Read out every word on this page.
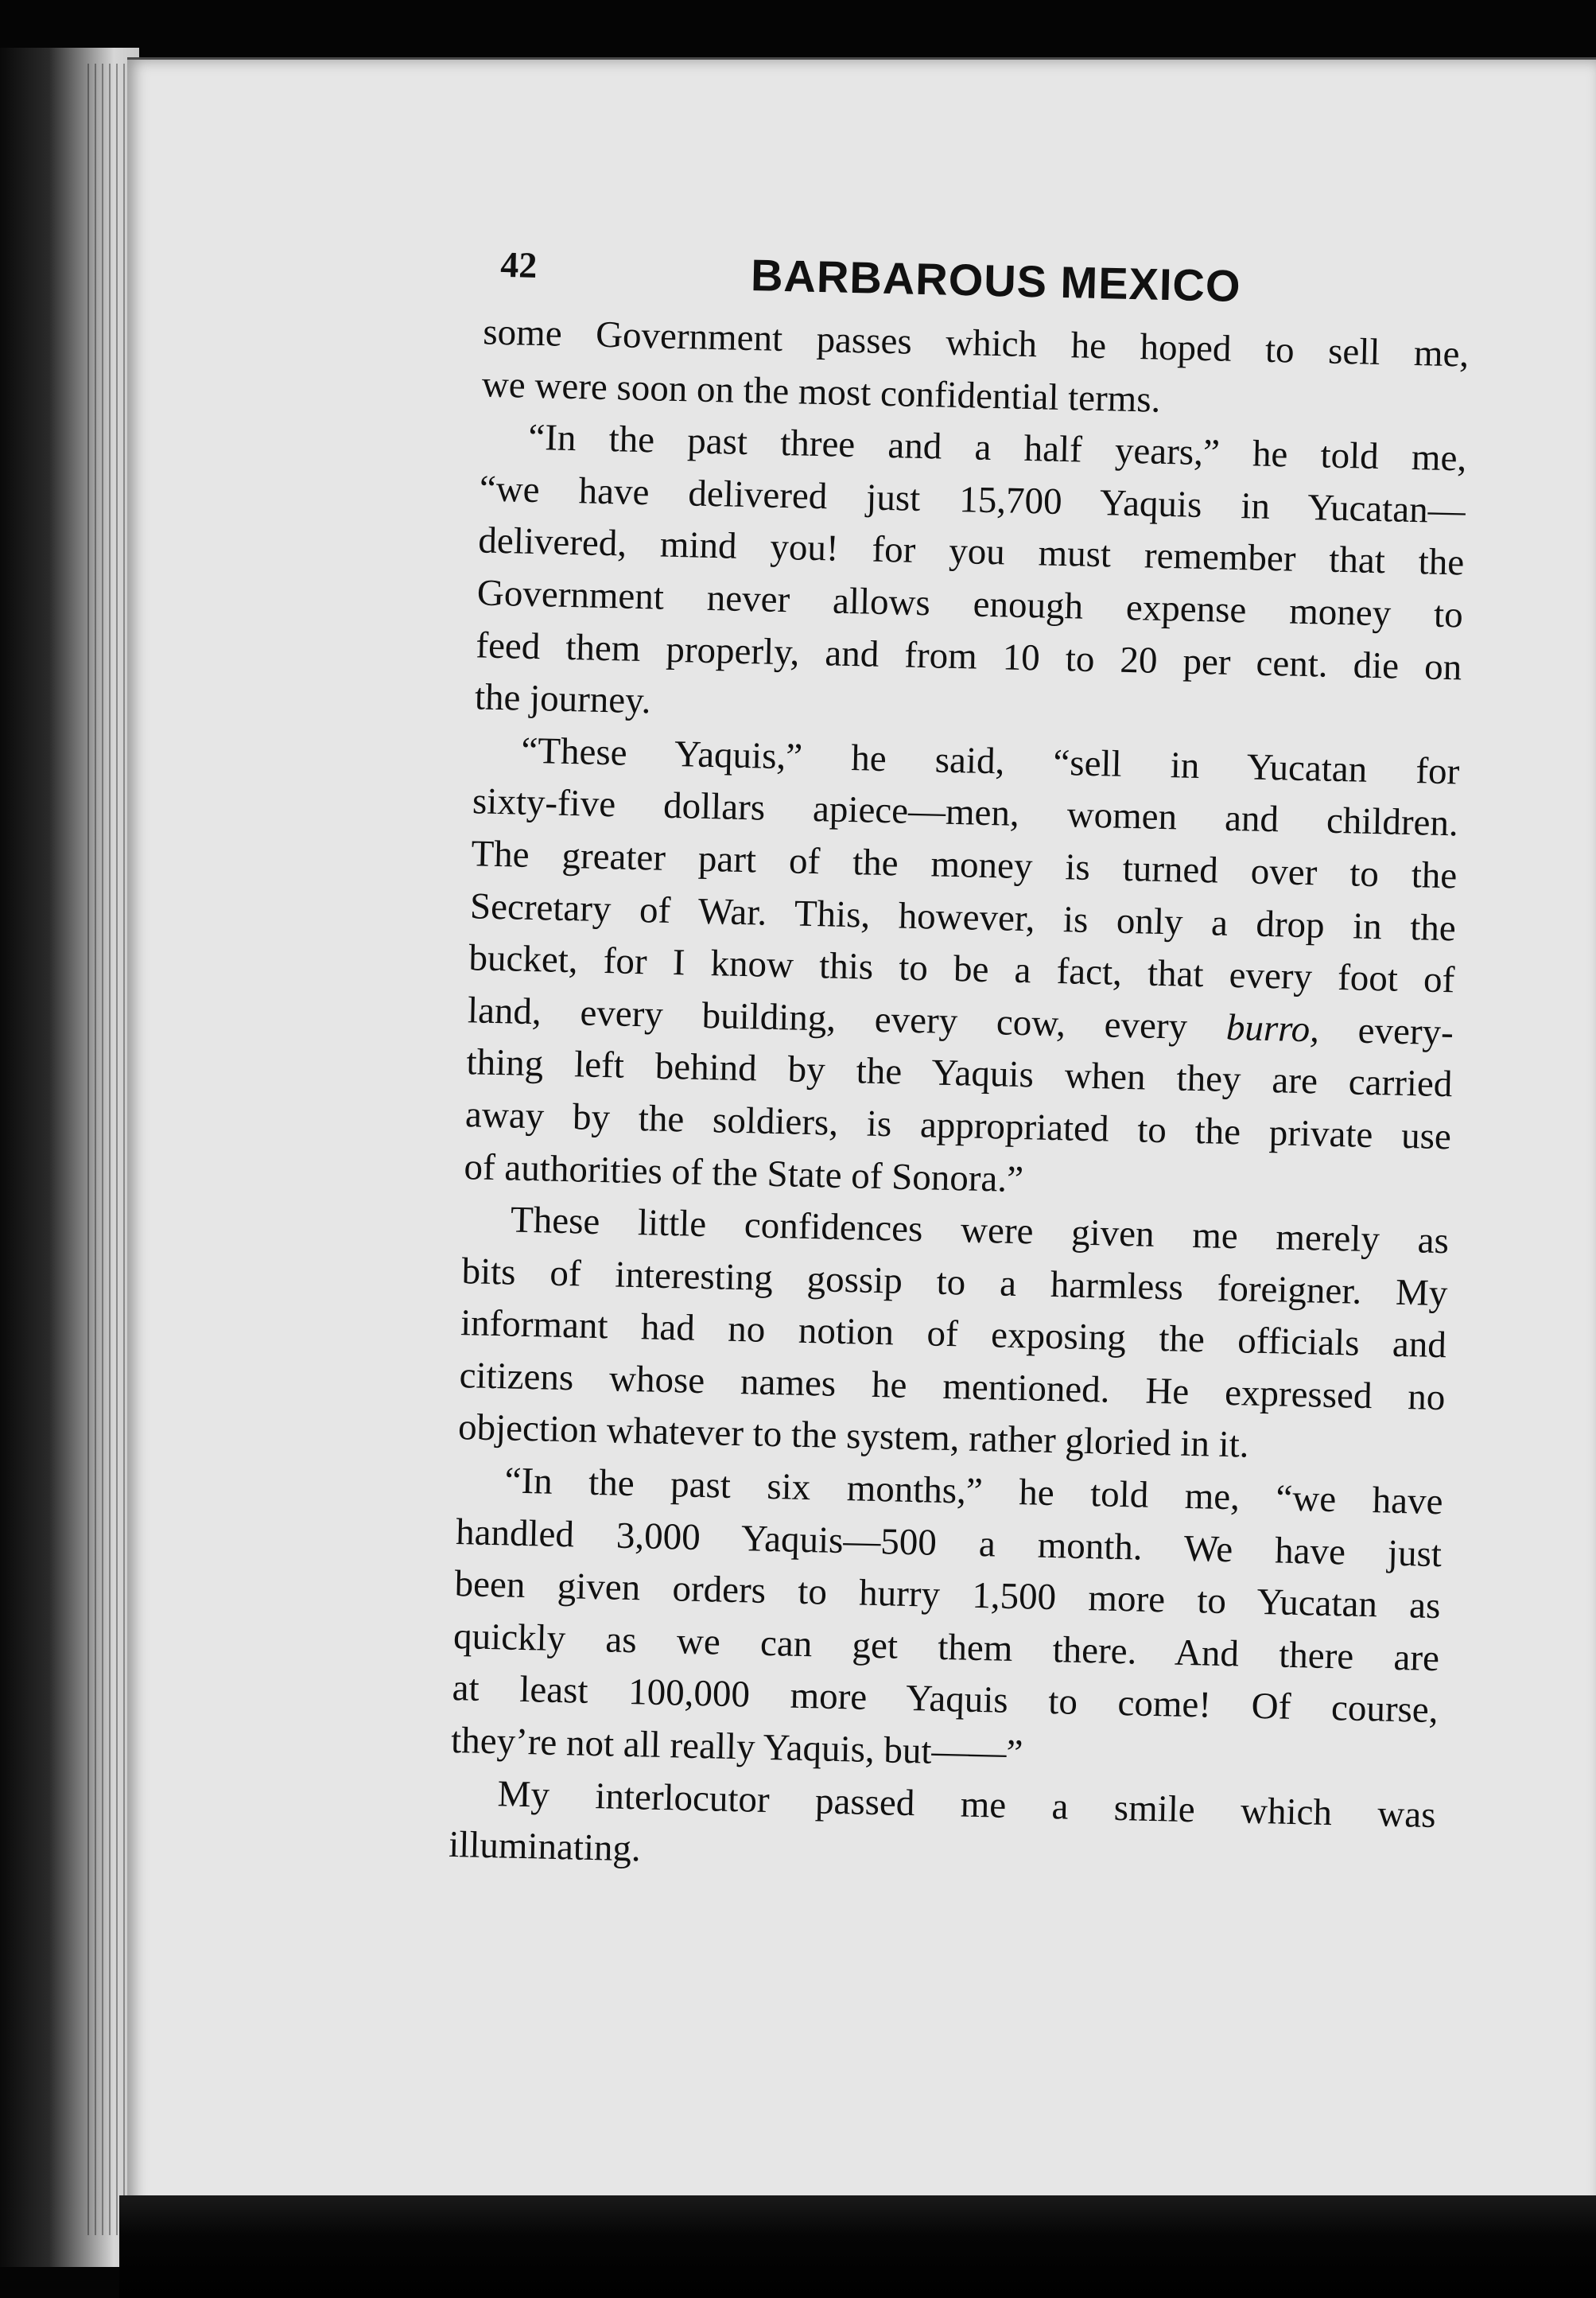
42	BARBAROUS MEXICO
some Government passes which he hoped to sell me,
we were soon on the most confidential terms.
“In the past three and a half years,” he told me,
“we have delivered just 15,700 Yaquis in Yucatan—
delivered, mind you! for you must remember that the
Government never allows enough expense money to
feed them properly, and from 10 to 20 per cent. die on
the journey.
“These Yaquis,” he said, “sell in Yucatan for
sixty-five dollars apiece—men, women and children.
The greater part of the money is turned over to the
Secretary of War. This, however, is only a drop in the
bucket, for I know this to be a fact, that every foot of
land, every building, every cow, every burro, every-
thing left behind by the Yaquis when they are carried
away by the soldiers, is appropriated to the private use
of authorities of the State of Sonora.”
These little confidences were given me merely as
bits of interesting gossip to a harmless foreigner. My
informant had no notion of exposing the officials and
citizens whose names he mentioned. He expressed no
objection whatever to the system, rather gloried in it.
“In the past six months,” he told me, “we have
handled 3,000 Yaquis—500 a month. We have just
been given orders to hurry 1,500 more to Yucatan as
quickly as we can get them there. And there are
at least 100,000 more Yaquis to come! Of course,
they’re not all really Yaquis, but——”
My interlocutor passed me a smile which was
illuminating.
